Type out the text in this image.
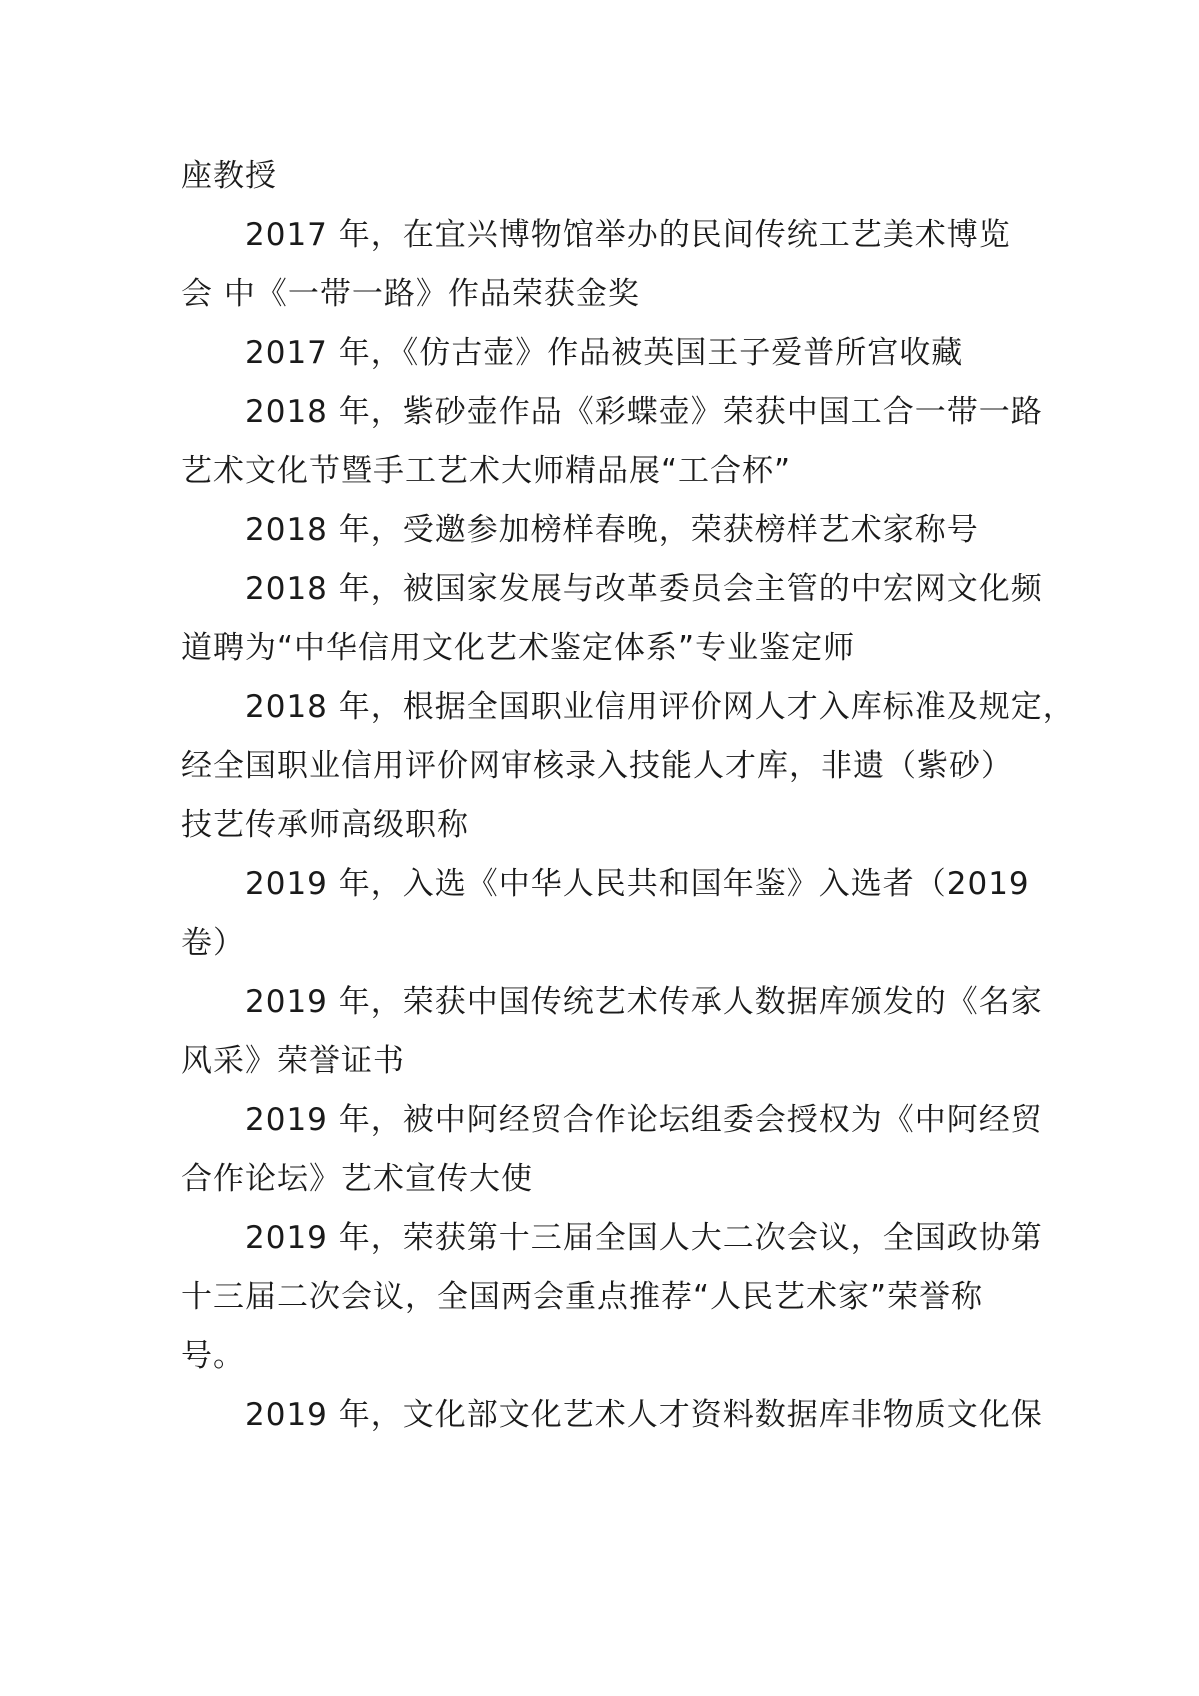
座教授
2017 年，在宜兴博物馆举办的民间传统工艺美术博览
会 中《一带一路》作品荣获金奖
2017 年，《仿古壶》作品被英国王子爱普所宫收藏
2018 年，紫砂壶作品《彩蝶壶》荣获中国工合一带一路
艺术文化节暨手工艺术大师精品展“工合杯”
2018 年，受邀参加榜样春晚，荣获榜样艺术家称号
2018 年，被国家发展与改革委员会主管的中宏网文化频
道聘为“中华信用文化艺术鉴定体系”专业鉴定师
2018 年，根据全国职业信用评价网人才入库标准及规定，
经全国职业信用评价网审核录入技能人才库，非遗（紫砂）
技艺传承师高级职称
2019 年，入选《中华人民共和国年鉴》入选者（2019
卷）
2019 年，荣获中国传统艺术传承人数据库颁发的《名家
风采》荣誉证书
2019 年，被中阿经贸合作论坛组委会授权为《中阿经贸
合作论坛》艺术宣传大使
2019 年，荣获第十三届全国人大二次会议，全国政协第
十三届二次会议，全国两会重点推荐“人民艺术家”荣誉称
号。
2019 年，文化部文化艺术人才资料数据库非物质文化保
